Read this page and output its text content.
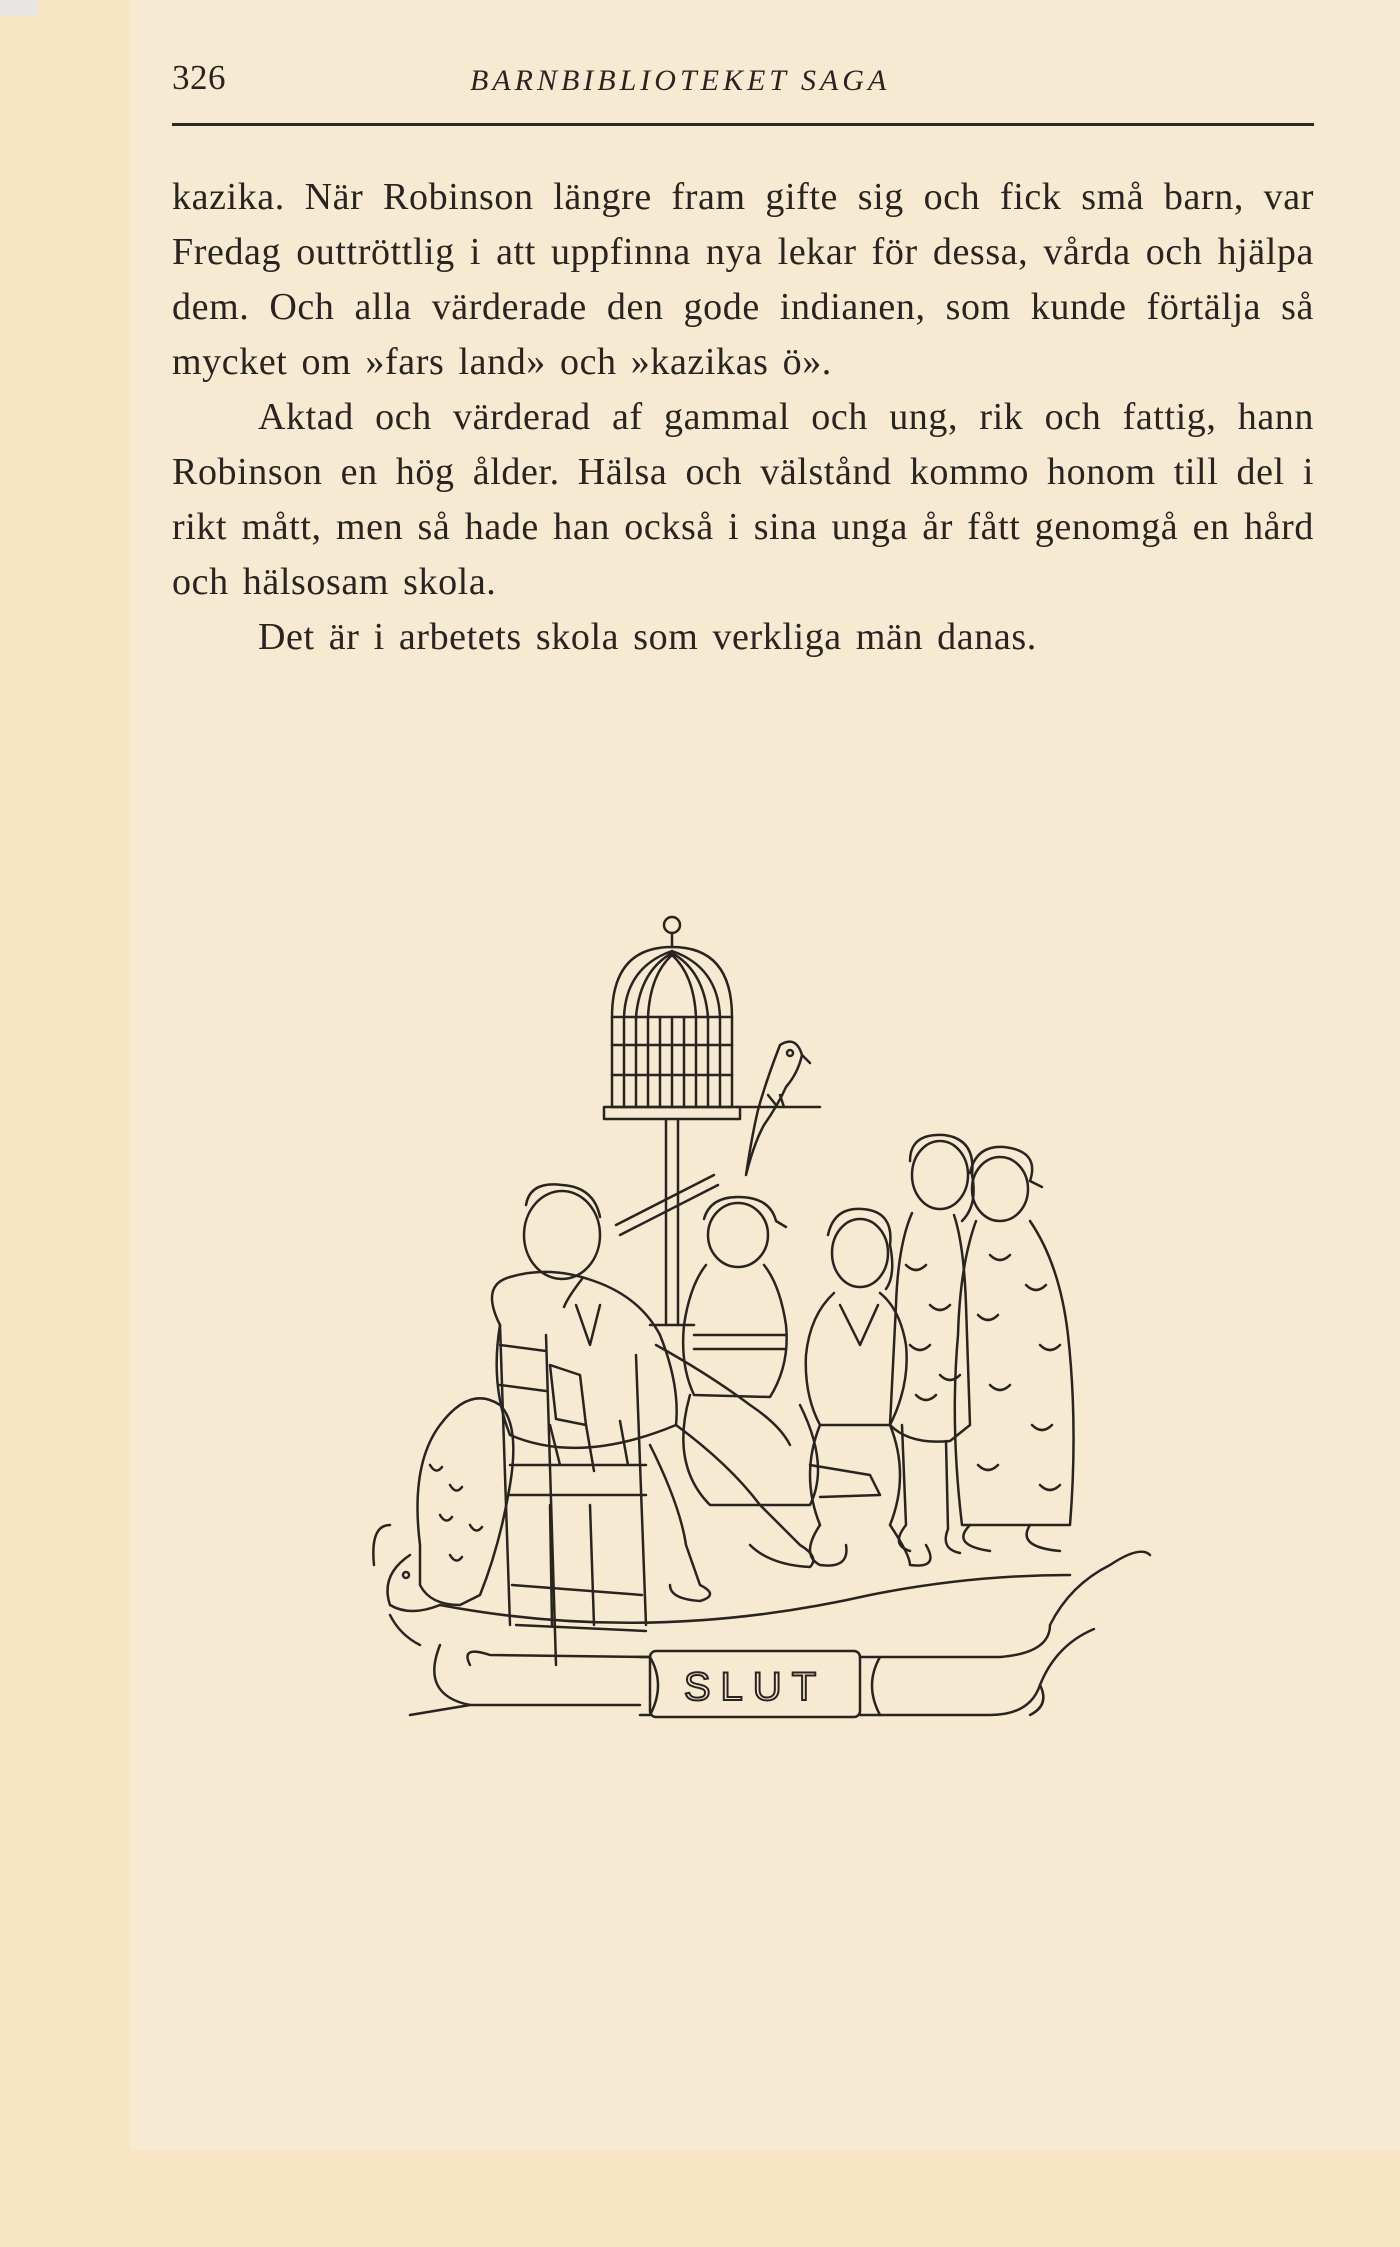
326	BARNBIBLIOTEKET SAGA

kazika. När Robinson längre fram gifte sig och fick små barn, var Fredag outtröttlig i att uppfinna nya lekar för dessa, vårda och hjälpa dem. Och alla värderade den gode indianen, som kunde förtälja så mycket om »fars land» och »kazikas ö».

Aktad och värderad af gammal och ung, rik och fattig, hann Robinson en hög ålder. Hälsa och välstånd kommo honom till del i rikt mått, men så hade han också i sina unga år fått genomgå en hård och hälsosam skola.

Det är i arbetets skola som verkliga män danas.

SLUT
